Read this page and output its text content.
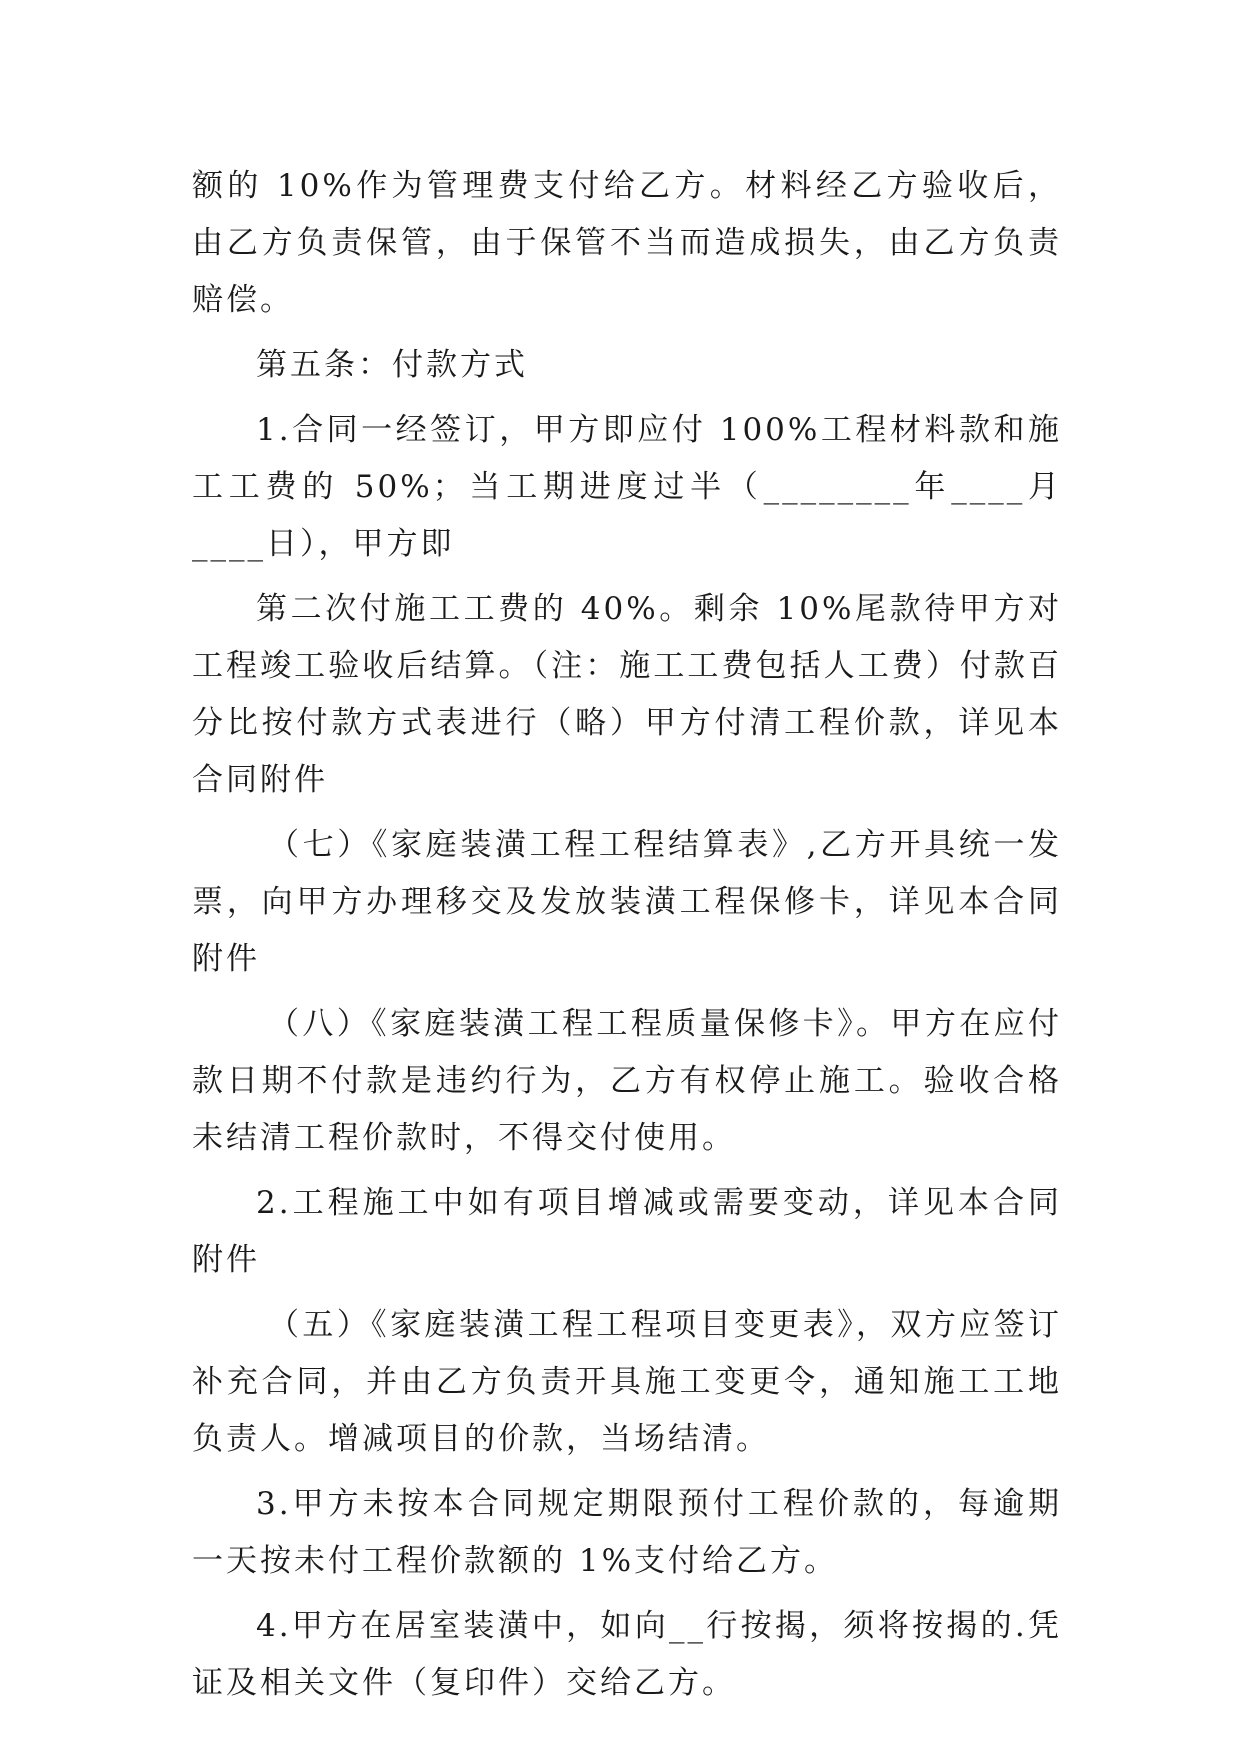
额的 10%作为管理费支付给乙方。材料经乙方验收后，由乙方负责保管，由于保管不当而造成损失，由乙方负责赔偿。

第五条：付款方式

1.合同一经签订，甲方即应付 100%工程材料款和施工工费的 50%；当工期进度过半（________年____月____日），甲方即

第二次付施工工费的 40%。剩余 10%尾款待甲方对工程竣工验收后结算。（注：施工工费包括人工费）付款百分比按付款方式表进行（略）甲方付清工程价款，详见本合同附件

（七）《家庭装潢工程工程结算表》,乙方开具统一发票，向甲方办理移交及发放装潢工程保修卡，详见本合同附件

（八）《家庭装潢工程工程质量保修卡》。甲方在应付款日期不付款是违约行为，乙方有权停止施工。验收合格未结清工程价款时，不得交付使用。

2.工程施工中如有项目增减或需要变动，详见本合同附件

（五）《家庭装潢工程工程项目变更表》，双方应签订补充合同，并由乙方负责开具施工变更令，通知施工工地负责人。增减项目的价款，当场结清。

3.甲方未按本合同规定期限预付工程价款的，每逾期一天按未付工程价款额的 1%支付给乙方。

4.甲方在居室装潢中，如向__行按揭，须将按揭的.凭证及相关文件（复印件）交给乙方。
